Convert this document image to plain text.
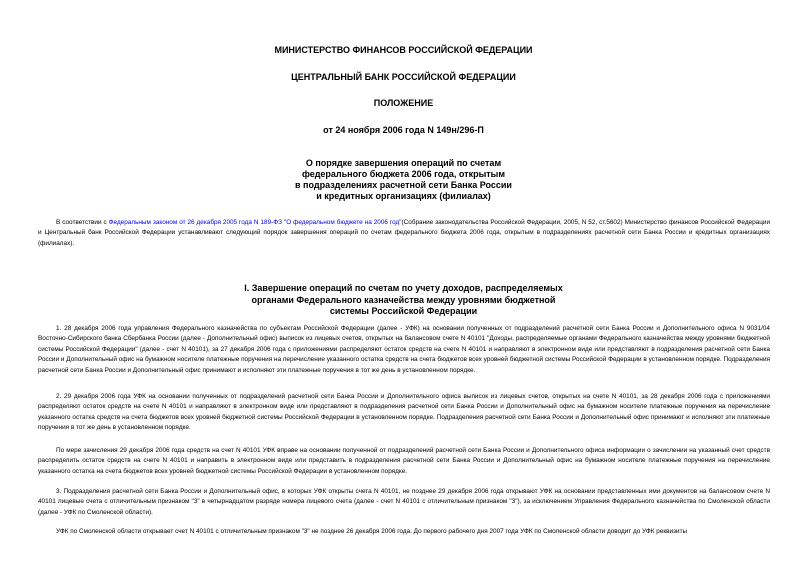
МИНИСТЕРСТВО ФИНАНСОВ РОССИЙСКОЙ ФЕДЕРАЦИИ
ЦЕНТРАЛЬНЫЙ БАНК РОССИЙСКОЙ ФЕДЕРАЦИИ
ПОЛОЖЕНИЕ
от 24 ноября 2006 года N 149н/296-П
О порядке завершения операций по счетам
федерального бюджета 2006 года, открытым
в подразделениях расчетной сети Банка России
и кредитных организациях (филиалах)
В соответствии с Федеральным законом от 26 декабря 2005 года N 189-ФЗ "О федеральном бюджете на 2006 год"(Собрание законодательства Российской Федерации, 2005, N 52, ст.5602) Министерство финансов Российской Федерации и Центральный банк Российской Федерации устанавливают следующий порядок завершения операций по счетам федерального бюджета 2006 года, открытым в подразделениях расчетной сети Банка России и кредитных организациях (филиалах).
I. Завершение операций по счетам по учету доходов, распределяемых
органами Федерального казначейства между уровнями бюджетной
системы Российской Федерации
1. 28 декабря 2006 года управления Федерального казначейства по субъектам Российской Федерации (далее - УФК) на основании полученных от подразделений расчетной сети Банка России и Дополнительного офиса N 9031/04 Восточно-Сибирского банка Сбербанка России (далее - Дополнительный офис) выписок из лицевых счетов, открытых на балансовом счете N 40101 "Доходы, распределяемые органами Федерального казначейства между уровнями бюджетной системы Российской Федерации" (далее - счет N 40101), за 27 декабря 2006 года с приложениями распределяют остаток средств на счете N 40101 и направляют в электронном виде или представляют в подразделения расчетной сети Банка России и Дополнительный офис на бумажном носителе платежные поручения на перечисление указанного остатка средств на счета бюджетов всех уровней бюджетной системы Российской Федерации в установленном порядке. Подразделения расчетной сети Банка России и Дополнительный офис принимают и исполняют эти платежные поручения в тот же день в установленном порядке.
2. 29 декабря 2006 года УФК на основании полученных от подразделений расчетной сети Банка России и Дополнительного офиса выписок из лицевых счетов, открытых на счете N 40101, за 28 декабря 2006 года с приложениями распределяют остаток средств на счете N 40101 и направляют в электронном виде или представляют в подразделения расчетной сети Банка России и Дополнительный офис на бумажном носителе платежные поручения на перечисление указанного остатка средств на счета бюджетов всех уровней бюджетной системы Российской Федерации в установленном порядке. Подразделения расчетной сети Банка России и Дополнительный офис принимают и исполняют эти платежные поручения в тот же день в установленном порядке.
По мере зачисления 29 декабря 2006 года средств на счет N 40101 УФК вправе на основании полученной от подразделений расчетной сети Банка России и Дополнительного офиса информации о зачислении на указанный счет средств распределить остаток средств на счете N 40101 и направить в электронном виде или представить в подразделения расчетной сети Банка России и Дополнительный офис на бумажном носителе платежные поручения на перечисление указанного остатка на счета бюджетов всех уровней бюджетной системы Российской Федерации в установленном порядке.
3. Подразделения расчетной сети Банка России и Дополнительный офис, в которых УФК открыты счета N 40101, не позднее 29 декабря 2006 года открывают УФК на основании представленных ими документов на балансовом счете N 40101 лицевые счета с отличительным признаком "3" в четырнадцатом разряде номера лицевого счета (далее - счет N 40101 с отличительным признаком "3"), за исключением Управления Федерального казначейства по Смоленской области (далее - УФК по Смоленской области).
УФК по Смоленской области открывает счет N 40101 с отличительным признаком "3" не позднее 26 декабря 2006 года. До первого рабочего дня 2007 года УФК по Смоленской области доводит до УФК реквизиты
